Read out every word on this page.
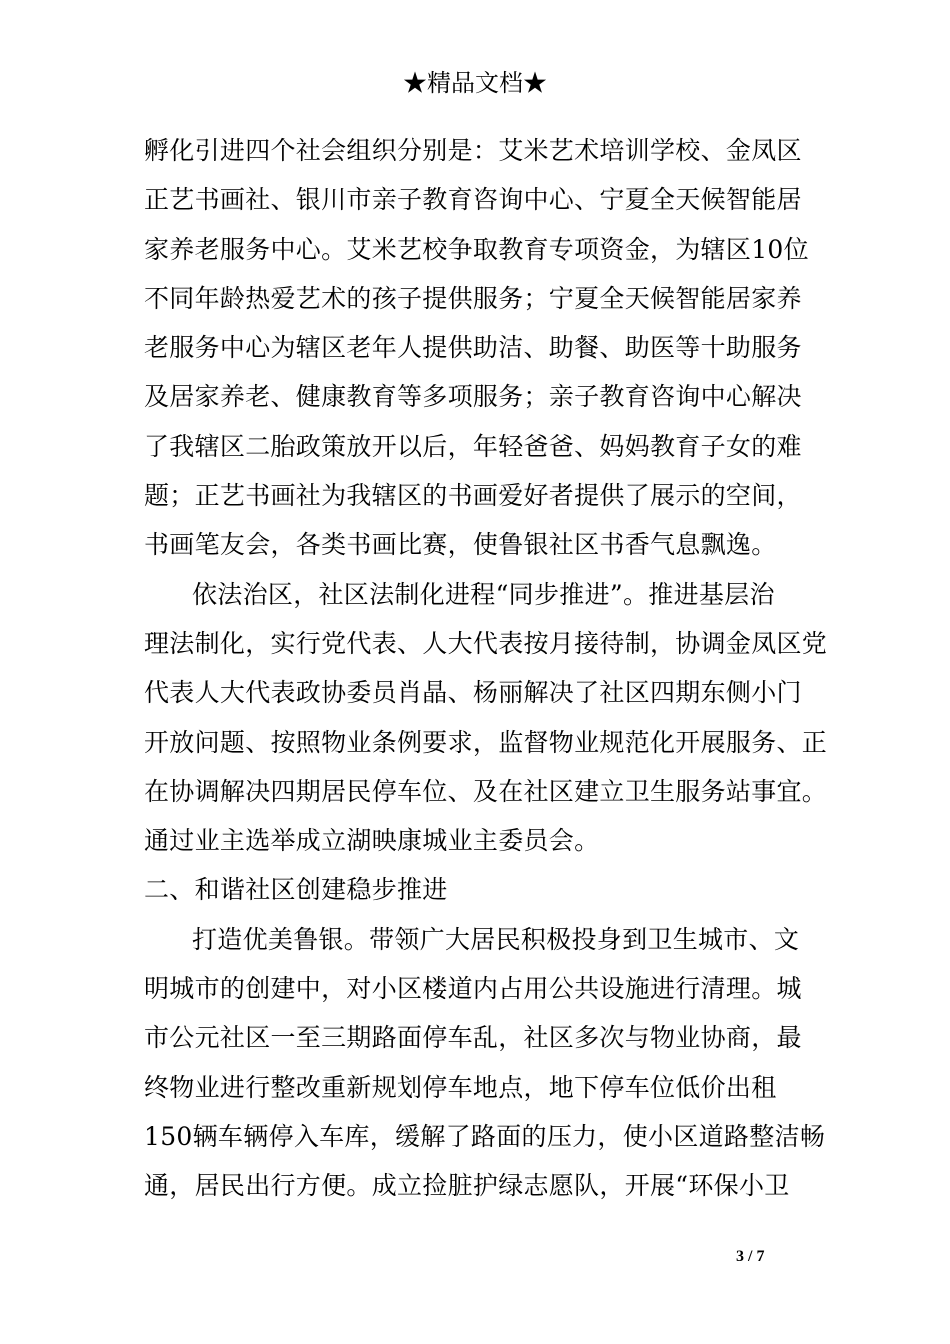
★精品文档★
孵化引进四个社会组织分别是：艾米艺术培训学校、金凤区
正艺书画社、银川市亲子教育咨询中心、宁夏全天候智能居
家养老服务中心。艾米艺校争取教育专项资金，为辖区10位
不同年龄热爱艺术的孩子提供服务；宁夏全天候智能居家养
老服务中心为辖区老年人提供助洁、助餐、助医等十助服务
及居家养老、健康教育等多项服务；亲子教育咨询中心解决
了我辖区二胎政策放开以后，年轻爸爸、妈妈教育子女的难
题；正艺书画社为我辖区的书画爱好者提供了展示的空间，
书画笔友会，各类书画比赛，使鲁银社区书香气息飘逸。
依法治区，社区法制化进程“同步推进”。推进基层治
理法制化，实行党代表、人大代表按月接待制，协调金凤区党
代表人大代表政协委员肖晶、杨丽解决了社区四期东侧小门
开放问题、按照物业条例要求，监督物业规范化开展服务、正
在协调解决四期居民停车位、及在社区建立卫生服务站事宜。
通过业主选举成立湖映康城业主委员会。
二、和谐社区创建稳步推进
打造优美鲁银。带领广大居民积极投身到卫生城市、文
明城市的创建中，对小区楼道内占用公共设施进行清理。城
市公元社区一至三期路面停车乱，社区多次与物业协商，最
终物业进行整改重新规划停车地点，地下停车位低价出租
150辆车辆停入车库，缓解了路面的压力，使小区道路整洁畅
通，居民出行方便。成立捡脏护绿志愿队，开展“环保小卫
3 / 7
